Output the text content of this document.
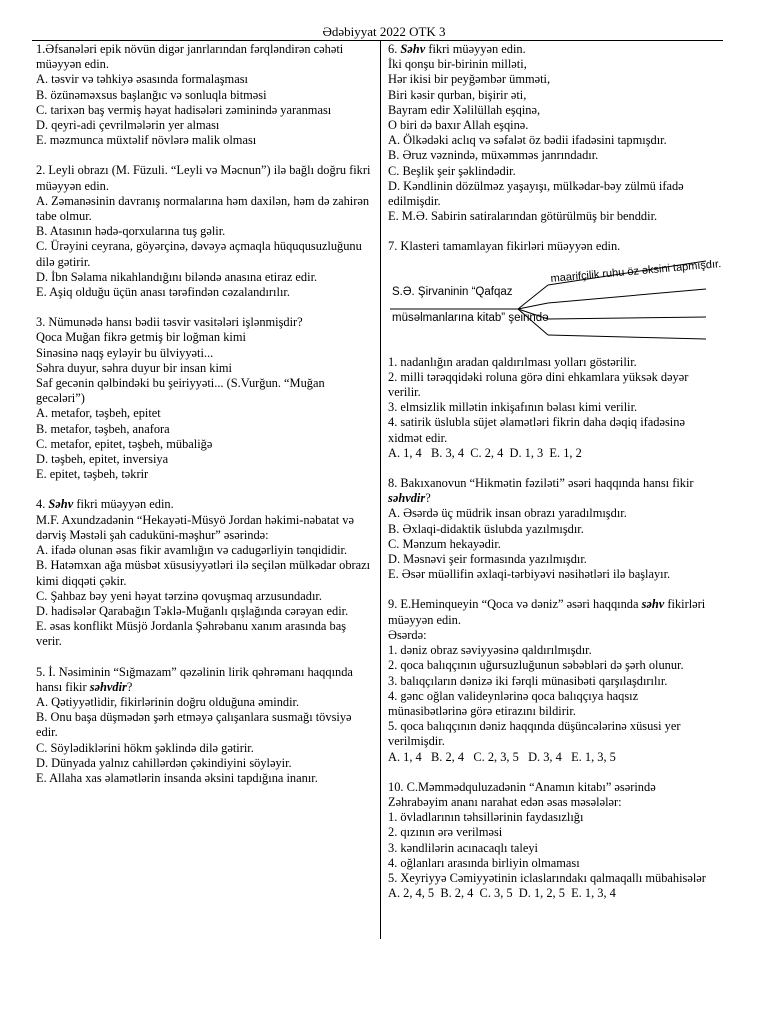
Ədəbiyyat 2022 OTK 3

1.Əfsanələri epik növün digər janrlarından fərqləndirən cəhəti müəyyən edin.

A. təsvir və təhkiyə əsasında formalaşması

B. özünəməxsus başlanğıc və sonluqla bitməsi

C. tarixən baş vermiş həyat hadisələri zəminində yaranması

D. qeyri-adi çevrilmələrin yer alması

E. məzmunca müxtəlif növlərə malik olması

2. Leyli obrazı (M. Füzuli. “Leyli və Məcnun”) ilə bağlı doğru fikri müəyyən edin.

A. Zəmanəsinin davranış normalarına həm daxilən, həm də zahirən tabe olmur.

B. Atasının hədə-qorxularına tuş gəlir.

C. Ürəyini ceyrana, göyərçinə, dəvəyə açmaqla hüququsuzluğunu dilə gətirir.

D. İbn Səlama nikahlandığını biləndə anasına etiraz edir.

E. Aşiq olduğu üçün anası tərəfindən cəzalandırılır.

3. Nümunədə hansı bədii təsvir vasitələri işlənmişdir?

Qoca Muğan fikrə getmiş bir loğman kimi

Sinəsinə naqş eyləyir bu ülviyyəti...

Səhra duyur, səhra duyur bir insan kimi

Saf gecənin qəlbindəki bu şeiriyyəti... (S.Vurğun. “Muğan gecələri”)

A. metafor, təşbeh, epitet

B. metafor, təşbeh, anafora

C. metafor, epitet, təşbeh, mübaliğə

D. təşbeh, epitet, inversiya

E. epitet, təşbeh, təkrir

4. Səhv fikri müəyyən edin.

M.F. Axundzadənin “Hekayəti-Müsyö Jordan həkimi-nəbatat və dərviş Məstəli şah caduküni-məşhur” əsərində:

A. ifadə olunan əsas fikir avamlığın və cadugərliyin tənqididir.

B. Hatəmxan ağa müsbət xüsusiyyətləri ilə seçilən mülkədar obrazı kimi diqqəti çəkir.

C. Şahbaz bəy yeni həyat tərzinə qovuşmaq arzusundadır.

D. hadisələr Qarabağın Təklə-Muğanlı qışlağında cərəyan edir.

E. əsas konflikt Müsjö Jordanla Şəhrəbanu xanım arasında baş verir.

5. İ. Nəsiminin “Sığmazam” qəzəlinin lirik qəhrəmanı haqqında hansı fikir səhvdir?

A. Qətiyyətlidir, fikirlərinin doğru olduğuna əmindir.

B. Onu başa düşmədən şərh etməyə çalışanlara susmağı tövsiyə edir.

C. Söylədiklərini hökm şəklində dilə gətirir.

D. Dünyada yalnız cahillərdən çəkindiyini söyləyir.

E. Allaha xas əlamətlərin insanda əksini tapdığına inanır.

6. Səhv fikri müəyyən edin.

İki qonşu bir-birinin milləti,

Hər ikisi bir peyğəmbər ümməti,

Biri kəsir qurban, bişirir əti,

Bayram edir Xəlilüllah eşqinə,

O biri də baxır Allah eşqinə.

A. Ölkədəki aclıq və səfalət öz bədii ifadəsini tapmışdır.

B. Əruz vəznində, müxəmməs janrındadır.

C. Beşlik şeir şəklindədir.

D. Kəndlinin dözülməz yaşayışı, mülkədar-bəy zülmü ifadə edilmişdir.

E. M.Ə. Sabirin satiralarından götürülmüş bir benddir.

7. Klasteri tamamlayan fikirləri müəyyən edin.

S.Ə. Şirvaninin “Qafqaz
müsəlmanlarına kitab” şeirində
maarifçilik ruhu öz əksini tapmışdır.

1. nadanlığın aradan qaldırılması yolları göstərilir.

2. milli tərəqqidəki roluna görə dini ehkamlara yüksək dəyər verilir.

3. elmsizlik millətin inkişafının bəlası kimi verilir.

4. satirik üslubla süjet əlamətləri fikrin daha dəqiq ifadəsinə xidmət edir.

A. 1, 4   B. 3, 4  C. 2, 4  D. 1, 3  E. 1, 2

8. Bakıxanovun “Hikmətin fəziləti” əsəri haqqında hansı fikir səhvdir?

A. Əsərdə üç müdrik insan obrazı yaradılmışdır.

B. Əxlaqi-didaktik üslubda yazılmışdır.

C. Mənzum hekayədir.

D. Məsnəvi şeir formasında yazılmışdır.

E. Əsər müəllifin əxlaqi-tərbiyəvi nəsihətləri ilə başlayır.

9. E.Heminqueyin “Qoca və dəniz” əsəri haqqında səhv fikirləri müəyyən edin.

Əsərdə:

1. dəniz obraz səviyyəsinə qaldırılmışdır.

2. qoca balıqçının uğursuzluğunun səbəbləri də şərh olunur.

3. balıqçıların dənizə iki fərqli münasibəti qarşılaşdırılır.

4. gənc oğlan valideynlərinə qoca balıqçıya haqsız münasibətlərinə görə etirazını bildirir.

5. qoca balıqçının dəniz haqqında düşüncələrinə xüsusi yer verilmişdir.

A. 1, 4   B. 2, 4   C. 2, 3, 5   D. 3, 4   E. 1, 3, 5

10. C.Məmmədquluzadənin “Anamın kitabı” əsərində Zəhrabəyim ananı narahat edən əsas məsələlər:

1. övladlarının təhsillərinin faydasızlığı

2. qızının ərə verilməsi

3. kəndlilərin acınacaqlı taleyi

4. oğlanları arasında birliyin olmaması

5. Xeyriyyə Cəmiyyətinin iclaslarındakı qalmaqallı mübahisələr

A. 2, 4, 5  B. 2, 4  C. 3, 5  D. 1, 2, 5  E. 1, 3, 4
